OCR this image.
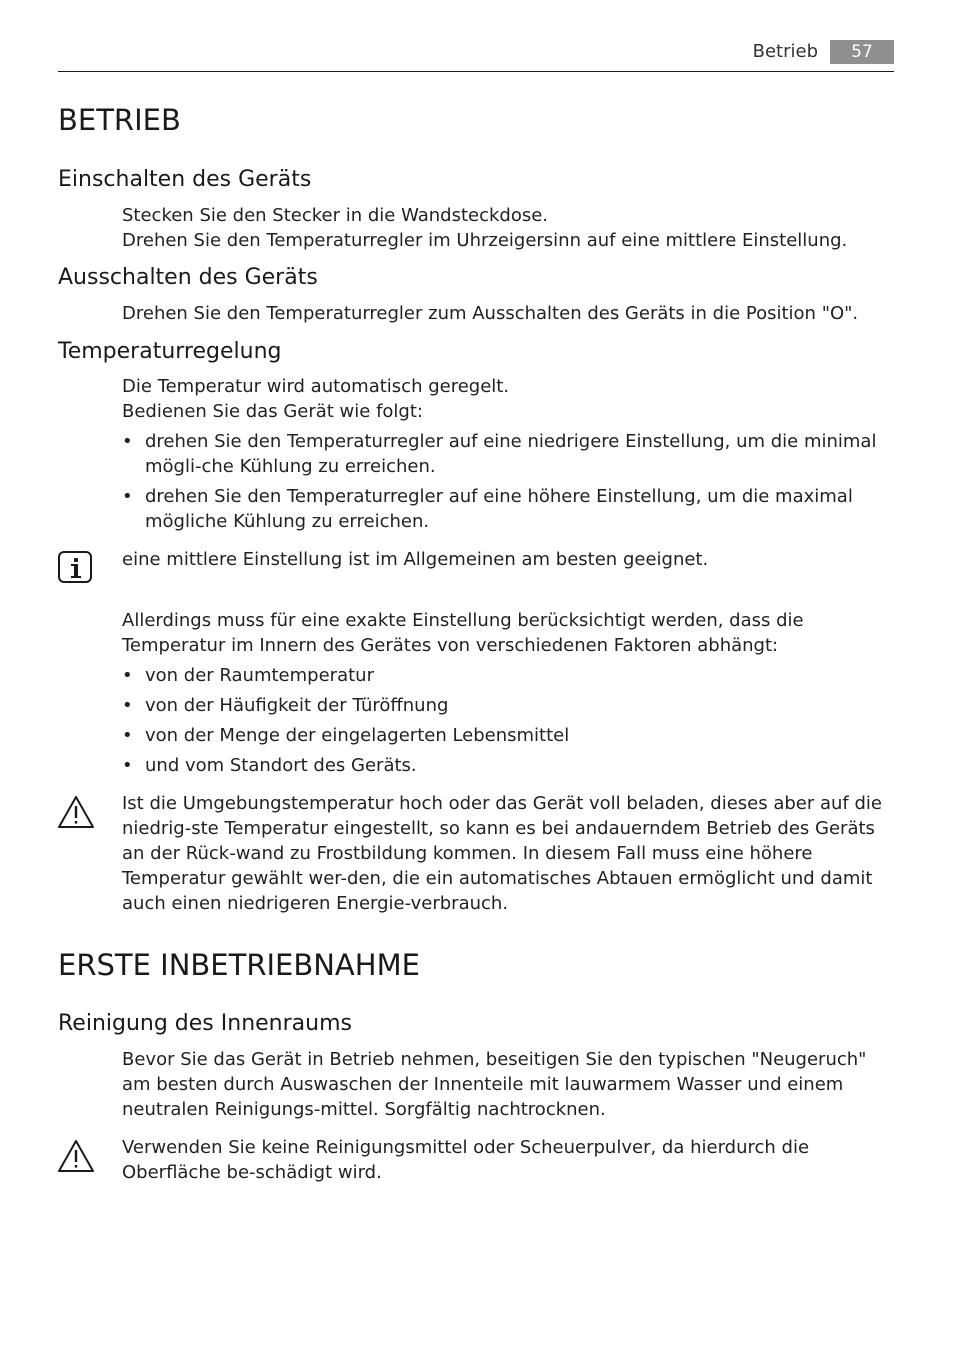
Betrieb	57
BETRIEB
Einschalten des Geräts
Stecken Sie den Stecker in die Wandsteckdose.
Drehen Sie den Temperaturregler im Uhrzeigersinn auf eine mittlere Einstellung.
Ausschalten des Geräts
Drehen Sie den Temperaturregler zum Ausschalten des Geräts in die Position "O".
Temperaturregelung
Die Temperatur wird automatisch geregelt.
Bedienen Sie das Gerät wie folgt:
• drehen Sie den Temperaturregler auf eine niedrigere Einstellung, um die minimal mögli-che Kühlung zu erreichen.
• drehen Sie den Temperaturregler auf eine höhere Einstellung, um die maximal mögliche Kühlung zu erreichen.
eine mittlere Einstellung ist im Allgemeinen am besten geeignet.
Allerdings muss für eine exakte Einstellung berücksichtigt werden, dass die Temperatur im Innern des Gerätes von verschiedenen Faktoren abhängt:
• von der Raumtemperatur
• von der Häufigkeit der Türöffnung
• von der Menge der eingelagerten Lebensmittel
• und vom Standort des Geräts.
Ist die Umgebungstemperatur hoch oder das Gerät voll beladen, dieses aber auf die niedrig-ste Temperatur eingestellt, so kann es bei andauerndem Betrieb des Geräts an der Rück-wand zu Frostbildung kommen. In diesem Fall muss eine höhere Temperatur gewählt wer-den, die ein automatisches Abtauen ermöglicht und damit auch einen niedrigeren Energie-verbrauch.
ERSTE INBETRIEBNAHME
Reinigung des Innenraums
Bevor Sie das Gerät in Betrieb nehmen, beseitigen Sie den typischen "Neugeruch" am besten durch Auswaschen der Innenteile mit lauwarmem Wasser und einem neutralen Reinigungs-mittel. Sorgfältig nachtrocknen.
Verwenden Sie keine Reinigungsmittel oder Scheuerpulver, da hierdurch die Oberfläche be-schädigt wird.
